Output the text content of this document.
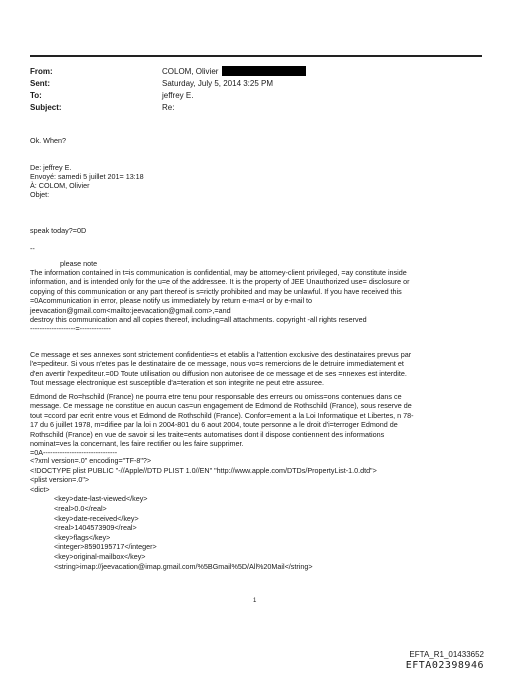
From:	COLOM, Olivier
Sent:	Saturday, July 5, 2014 3:25 PM
To:	jeffrey E.
Subject:	Re:
Ok. When?
De: jeffrey E.
Envoyé: samedi 5 juillet 201= 13:18
À: COLOM, Olivier
Objet:
speak today?=0D
--
please note
The information contained in t=is communication is confidential, may be attorney-client privileged, =ay constitute inside
information, and is intended only for the u=e of the addressee. It is the property of JEE Unauthorized use= disclosure or
copying of this communication or any part thereof is s=rictly prohibited and may be unlawful. If you have received this
=0Acommunication in error, please notify us immediately by return e-ma=l or by e-mail to
jeevacation@gmail.com<mailto:jeevacation@gmail.com>,=and
destroy this communication and all copies thereof, including=all attachments. copyright -all rights reserved
-------------------=-------------
Ce message et ses annexes sont strictement confidentie=s et etablis a l'attention exclusive des destinataires prevus par
l'e=pediteur. Si vous n'etes pas le destinataire de ce message, nous vo=s remercions de le detruire immediatement et
d'en avertir l'expediteur.=0D Toute utilisation ou diffusion non autorisee de ce message et de ses =nnexes est interdite.
Tout message electronique est susceptible d'a=teration et son integrite ne peut etre assuree.
Edmond de Ro=hschild (France) ne pourra etre tenu pour responsable des erreurs ou omiss=ons contenues dans ce
message. Ce message ne constitue en aucun cas=un engagement de Edmond de Rothschild (France), sous reserve de
tout =ccord par ecrit entre vous et Edmond de Rothschild (France). Confor=ement a la Loi Informatique et Libertes, n 78-
17 du 6 juillet 1978, m=difiee par la loi n 2004-801 du 6 aout 2004, toute personne a le droit d'i=terroger Edmond de
Rothschild (France) en vue de savoir si les traite=ents automatises dont il dispose contiennent des informations
nominat=ves la concernant, les faire rectifier ou les faire supprimer.
=0A-------------------------------
<?xml version=.0" encoding="TF-8"?>
<!DOCTYPE plist PUBLIC "-//Apple//DTD PLIST 1.0//EN" "http://www.apple.com/DTDs/PropertyList-1.0.dtd">
<plist version=.0">
<dict>
<key>date-last-viewed</key>
<real>0.0</real>
<key>date-received</key>
<real>1404573909</real>
<key>flags</key>
<integer>8590195717</integer>
<key>original-mailbox</key>
<string>imap://jeevacation@imap.gmail.com/%5BGmail%5D/All%20Mail</string>
1
EFTA_R1_01433652
EFTA02398946
